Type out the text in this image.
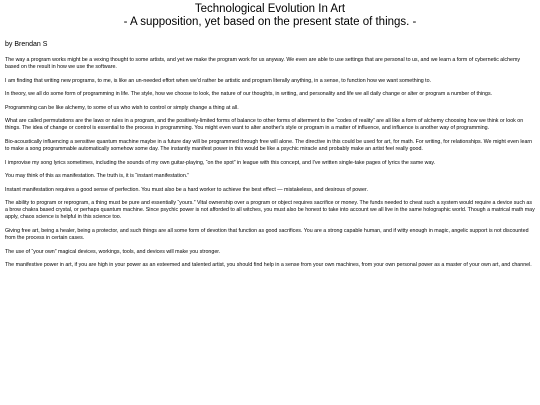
Technological Evolution In Art
- A supposition, yet based on the present state of things. -

by Brendan S

The way a program works might be a vexing thought to some artists, and yet we make the program work for us anyway. We even are able to use settings that are personal to us, and we learn a form of cybernetic alchemy based on the result in how we use the software.

I am finding that writing new programs, to me, is like an un-needed effort when we'd rather be artistic and program literally anything, in a sense, to function how we want something to.

In theory, we all do some form of programming in life. The style, how we choose to look, the nature of our thoughts, in writing, and personality and life we all daily change or alter or program a number of things.

Programming can be like alchemy, to some of us who wish to control or simply change a thing at all.

What are called permutations are the laws or rules in a program, and the positively-limited forms of balance to other forms of alterment to the “codes of reality” are all like a form of alchemy choosing how we think or look on things. The idea of change or control is essential to the process in programming. You might even want to alter another's style or program in a matter of influence, and influence is another way of programming.

Bio-acoustically influencing a sensitive quantum machine maybe in a future day will be programmed through free will alone. The directive in this could be used for art, for math. For writing, for relationships. We might even learn to make a song programmable automatically somehow some day. The instantly manifest power in this would be like a psychic miracle and probably make an artist feel really good.

I improvise my song lyrics sometimes, including the sounds of my own guitar-playing, “on the spot” in league with this concept, and I've written single-take pages of lyrics the same way.

You may think of this as manifestation. The truth is, it is “instant manifestation.”

Instant manifestation requires a good sense of perfection. You must also be a hard worker to achieve the best effect — mistakeless, and desirous of power.

The ability to program or reprogram, a thing must be pure and essentially “yours.” Vital ownership over a program or object requires sacrifice or money. The funds needed to cheat such a system would require a device such as a brow chakra based crystal, or perhaps quantum machine. Since psychic power is not afforded to all witches, you must also be honest to take into account we all live in the same holographic world. Though a matrical math may apply, chaos science is helpful in this science too.

Giving free art, being a healer, being a protector, and such things are all some form of devotion that function as good sacrifices. You are a strong capable human, and if witty enough in magic, angelic support is not discounted from the process in certain cases.

The use of “your own” magical devices, workings, tools, and devices will make you stronger.

The manifestive power in art, if you are high in your power as an esteemed and talented artist, you should find help in a sense from your own machines, from your own personal power as a master of your own art, and channel.
